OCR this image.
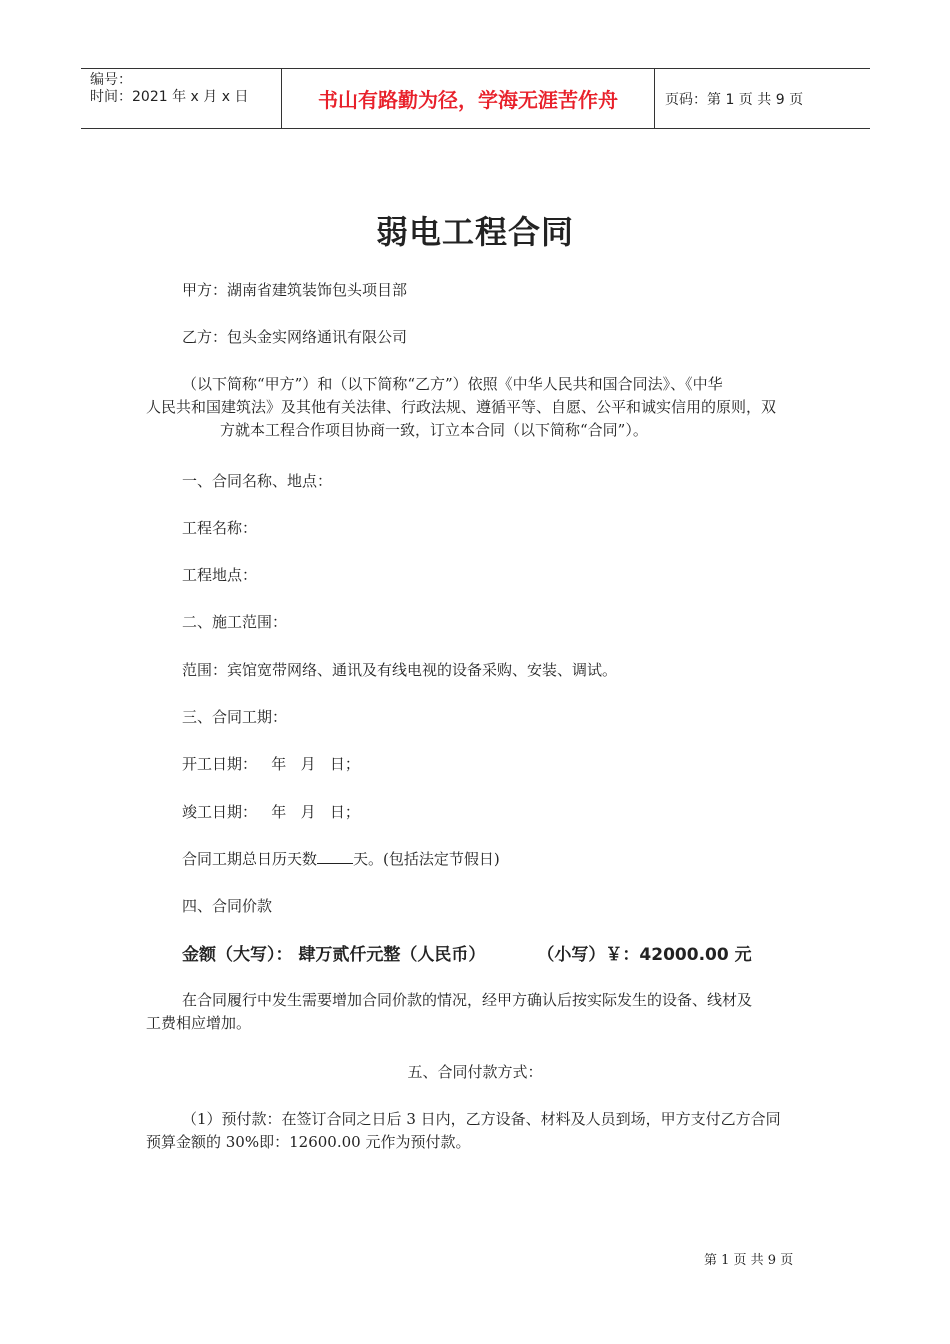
编号：
时间：2021 年 x 月 x 日	书山有路勤为径，学海无涯苦作舟	页码：第 1 页 共 9 页
弱电工程合同
甲方：湖南省建筑装饰包头项目部
乙方：包头金实网络通讯有限公司
（以下简称“甲方”）和（以下简称“乙方”）依照《中华人民共和国合同法》、《中华
人民共和国建筑法》及其他有关法律、行政法规、遵循平等、自愿、公平和诚实信用的原则，双
方就本工程合作项目协商一致，订立本合同（以下简称“合同”）。
一、合同名称、地点：
工程名称：
工程地点：
二、施工范围：
范围：宾馆宽带网络、通讯及有线电视的设备采购、安装、调试。
三、合同工期：
开工日期：   年   月   日；
竣工日期：   年   月   日；
合同工期总日历天数 天。(包括法定节假日)
四、合同价款
金额（大写）： 肆万贰仟元整（人民币）	（小写）￥：42000.00 元
在合同履行中发生需要增加合同价款的情况，经甲方确认后按实际发生的设备、线材及
工费相应增加。
五、合同付款方式：
（1）预付款：在签订合同之日后 3 日内，乙方设备、材料及人员到场，甲方支付乙方合同
预算金额的 30%即：12600.00 元作为预付款。
第 1 页 共 9 页
